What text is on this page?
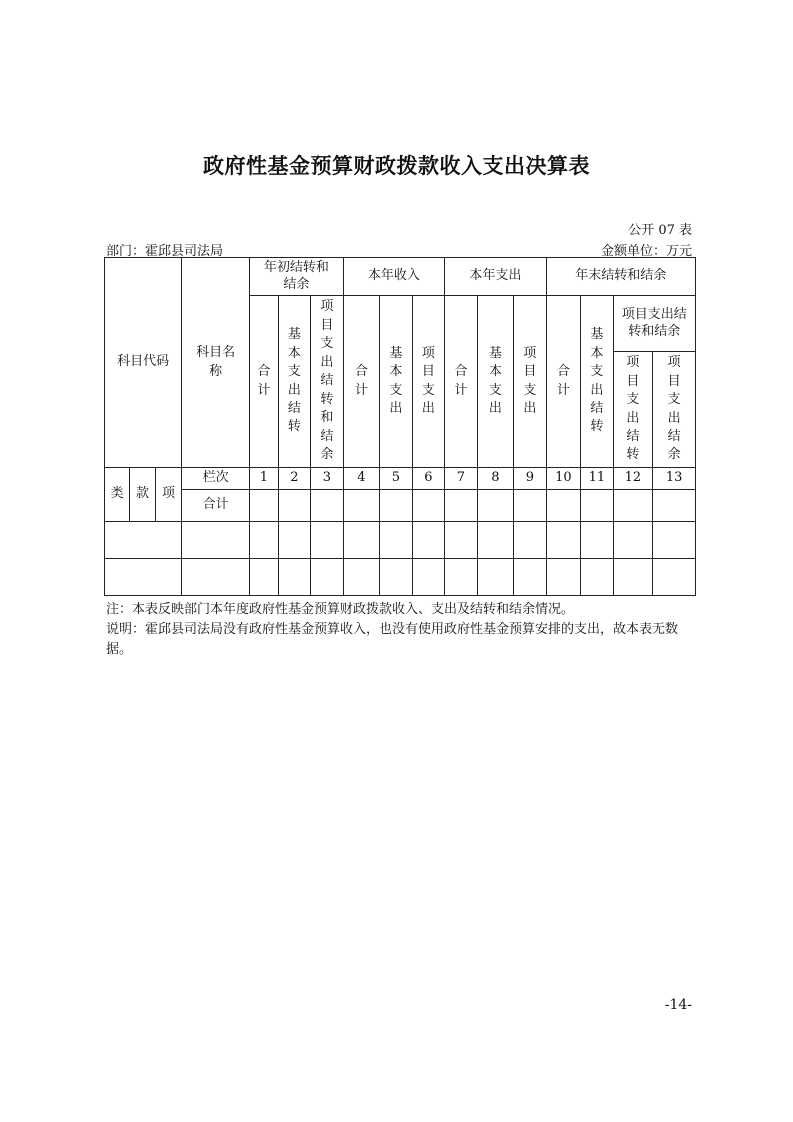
政府性基金预算财政拨款收入支出决算表
公开 07 表
部门：霍邱县司法局	金额单位：万元
科目代码			科目名称	年初结转和结余			本年收入			本年支出			年末结转和结余			
				合计	基本支出结转	项目支出结转和结余	合计	基本支出	项目支出	合计	基本支出	项目支出	合计	基本支出结转	项目支出结转和结余	
															项目支出结转	项目支出结余

类	款	项	栏次	1	2	3	4	5	6	7	8	9	10	11	12	13
			合计													

注：本表反映部门本年度政府性基金预算财政拨款收入、支出及结转和结余情况。
说明：霍邱县司法局没有政府性基金预算收入，也没有使用政府性基金预算安排的支出，故本表无数据。
-14-
